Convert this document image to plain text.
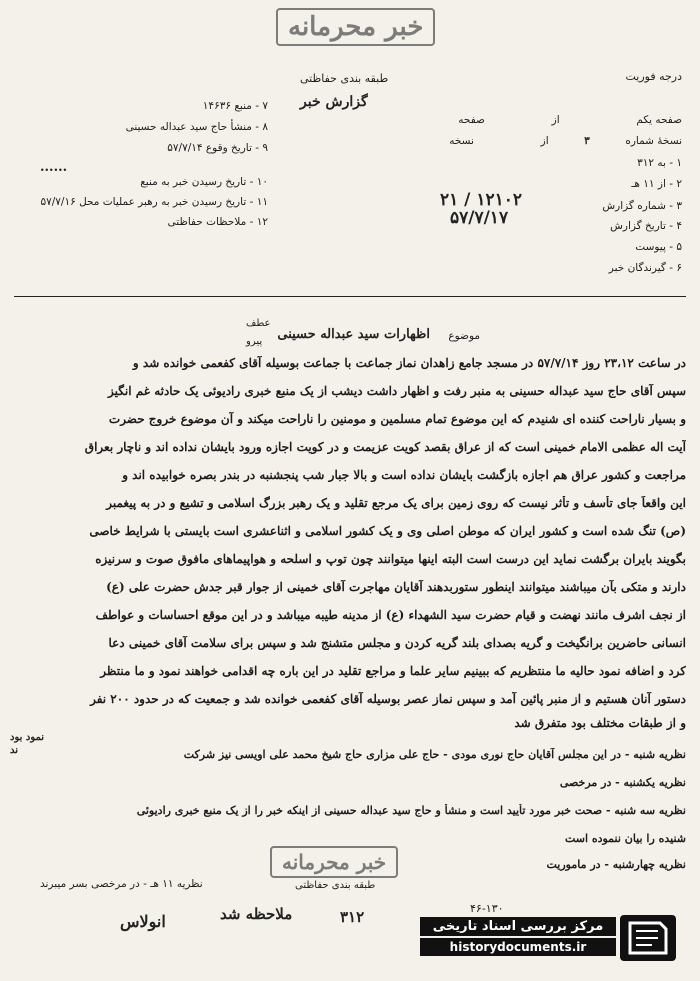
خبر محرمانه
طبقه بندی حفاظتی
گزارش خبر
درجه فوریت
صفحه یکم  از  صفحه
نسخهٔ شماره ۳ از  نسخه
۱ - به ۳۱۲
۲ - از ۱۱ هـ
۳ - شماره گزارش
۱۲۱۰۲ / ۲۱
۴ - تاریخ گزارش
۵۷/۷/۱۷
۵ - پیوست
۶ - گیرندگان خبر
۷ - منبع ۱۴۶۳۶
۸ - منشأ حاج سید عبداله حسینی
۹ - تاریخ وقوع ۵۷/۷/۱۴
......
۱۰ - تاریخ رسیدن خبر به منبع
۱۱ - تاریخ رسیدن خبر به رهبر عملیات محل ۵۷/۷/۱۶
۱۲ - ملاحظات حفاظتی
عطف
پیرو	موضوع
اظهارات سید عبداله حسینی
در ساعت ۲۳،۱۲ روز ۵۷/۷/۱۴ در مسجد جامع زاهدان نماز جماعت با جماعت بوسیله آقای کفعمی خوانده شد و
سپس آقای حاج سید عبداله حسینی به منبر رفت و اظهار داشت دیشب از یک منبع خبری رادیوئی یک حادثه غم انگیز
و بسیار ناراحت کننده ای شنیدم که این موضوع تمام مسلمین و مومنین را ناراحت میکند و آن موضوع خروج حضرت
آیت اله عظمی الامام خمینی است که از عراق بقصد کویت عزیمت و در کویت اجازه ورود بایشان نداده اند و ناچار بعراق
مراجعت و کشور عراق هم اجازه بازگشت بایشان نداده است و بالا جبار شب پنجشنبه در بندر بصره خوابیده اند و
این واقعاً جای تأسف و تأثر نیست که روی زمین برای یک مرجع تقلید و یک رهبر بزرگ اسلامی و تشیع و در به پیغمبر
(ص) تنگ شده است و کشور ایران که موطن اصلی وی و یک کشور اسلامی و اثناعشری است بایستی با شرایط خاصی
بگویند بایران برگشت نماید این درست است البته اینها میتوانند چون توپ و اسلحه و هواپیماهای مافوق صوت و سرنیزه
دارند و متکی بآن میباشند میتوانند اینطور ستوربدهند آقایان مهاجرت آقای خمینی از جوار قبر جدش حضرت علی (ع)
از نجف اشرف مانند نهضت و قیام حضرت سید الشهداء (ع) از مدینه طیبه میباشد و در این موقع احساسات و عواطف
انسانی حاضرین برانگیخت و گریه بصدای بلند گریه کردن و مجلس متشنج شد و سپس برای سلامت آقای خمینی دعا
کرد و اضافه نمود حالیه ما منتظریم که ببینیم سایر علما و مراجع تقلید در این باره چه اقدامی خواهند نمود و ما منتظر
دستور آنان هستیم و از منبر پائین آمد و سپس نماز عصر بوسیله آقای کفعمی خوانده شد و جمعیت که در حدود ۲۰۰ نفر
و از طبقات مختلف بود متفرق شد
نمود بود
ند	نظریه شنبه - در این مجلس آقایان حاج نوری مودی - حاج علی مزاری حاج شیخ محمد علی اویسی نیز شرکت
نظریه یکشنبه - در مرخصی
نظریه سه شنبه - صحت خبر مورد تأیید است و منشأ و حاج سید عبداله حسینی از اینکه خبر را از یک منبع خبری رادیوئی
شنیده را بیان ننموده است
نظریه چهارشنبه - در ماموریت
خبر محرمانه
طبقه بندی حفاظتی
نظریه ۱۱ هـ - در مرخصی بسر میبرند
ملاحظه شد
انولاس	۳۱۲	۴۶-۱۳۰
مرکز بررسی اسناد تاریخی
historydocuments.ir
